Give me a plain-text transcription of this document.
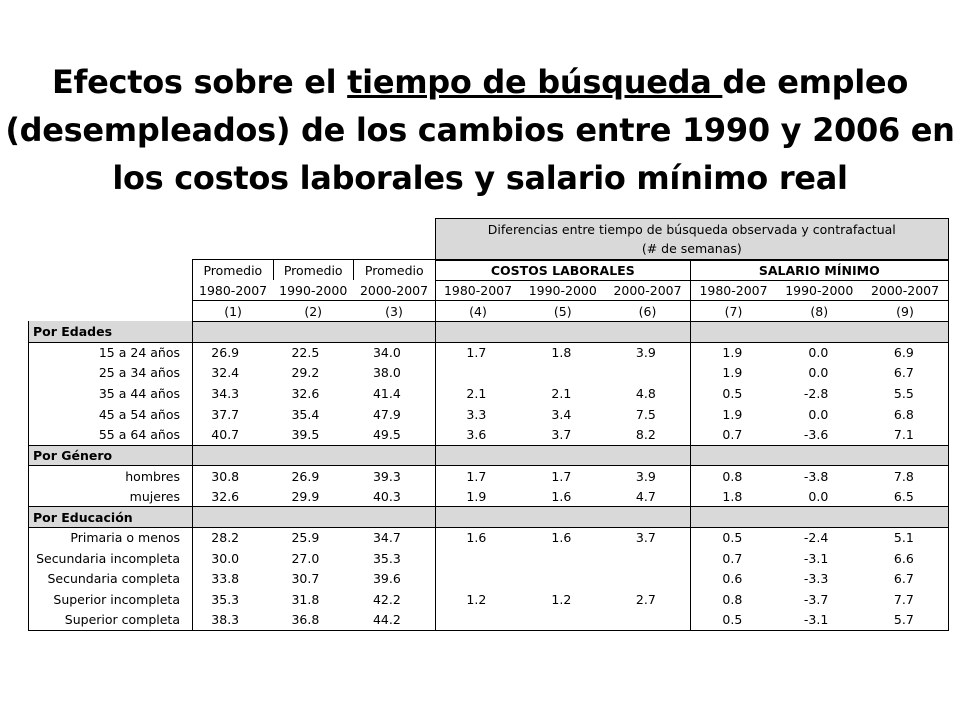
Efectos sobre el tiempo de búsqueda de empleo (desempleados) de los cambios entre 1990 y 2006 en los costos laborales y salario mínimo real
				Diferencias entre tiempo de búsqueda observada y contrafactual					
				(# de semanas)					
	Promedio	Promedio	Promedio	COSTOS LABORALES			SALARIO MÍNIMO		
	1980-2007	1990-2000	2000-2007	1980-2007	1990-2000	2000-2007	1980-2007	1990-2000	2000-2007
	(1)	(2)	(3)	(4)	(5)	(6)	(7)	(8)	(9)
Por Edades									
15 a 24 años	26.9	22.5	34.0	1.7	1.8	3.9	1.9	0.0	6.9
25 a 34 años	32.4	29.2	38.0				1.9	0.0	6.7
35 a 44 años	34.3	32.6	41.4	2.1	2.1	4.8	0.5	-2.8	5.5
45 a 54 años	37.7	35.4	47.9	3.3	3.4	7.5	1.9	0.0	6.8
55 a 64 años	40.7	39.5	49.5	3.6	3.7	8.2	0.7	-3.6	7.1
Por Género									
hombres	30.8	26.9	39.3	1.7	1.7	3.9	0.8	-3.8	7.8
mujeres	32.6	29.9	40.3	1.9	1.6	4.7	1.8	0.0	6.5
Por Educación									
Primaria o menos	28.2	25.9	34.7	1.6	1.6	3.7	0.5	-2.4	5.1
Secundaria incompleta	30.0	27.0	35.3				0.7	-3.1	6.6
Secundaria completa	33.8	30.7	39.6				0.6	-3.3	6.7
Superior incompleta	35.3	31.8	42.2	1.2	1.2	2.7	0.8	-3.7	7.7
Superior completa	38.3	36.8	44.2				0.5	-3.1	5.7
